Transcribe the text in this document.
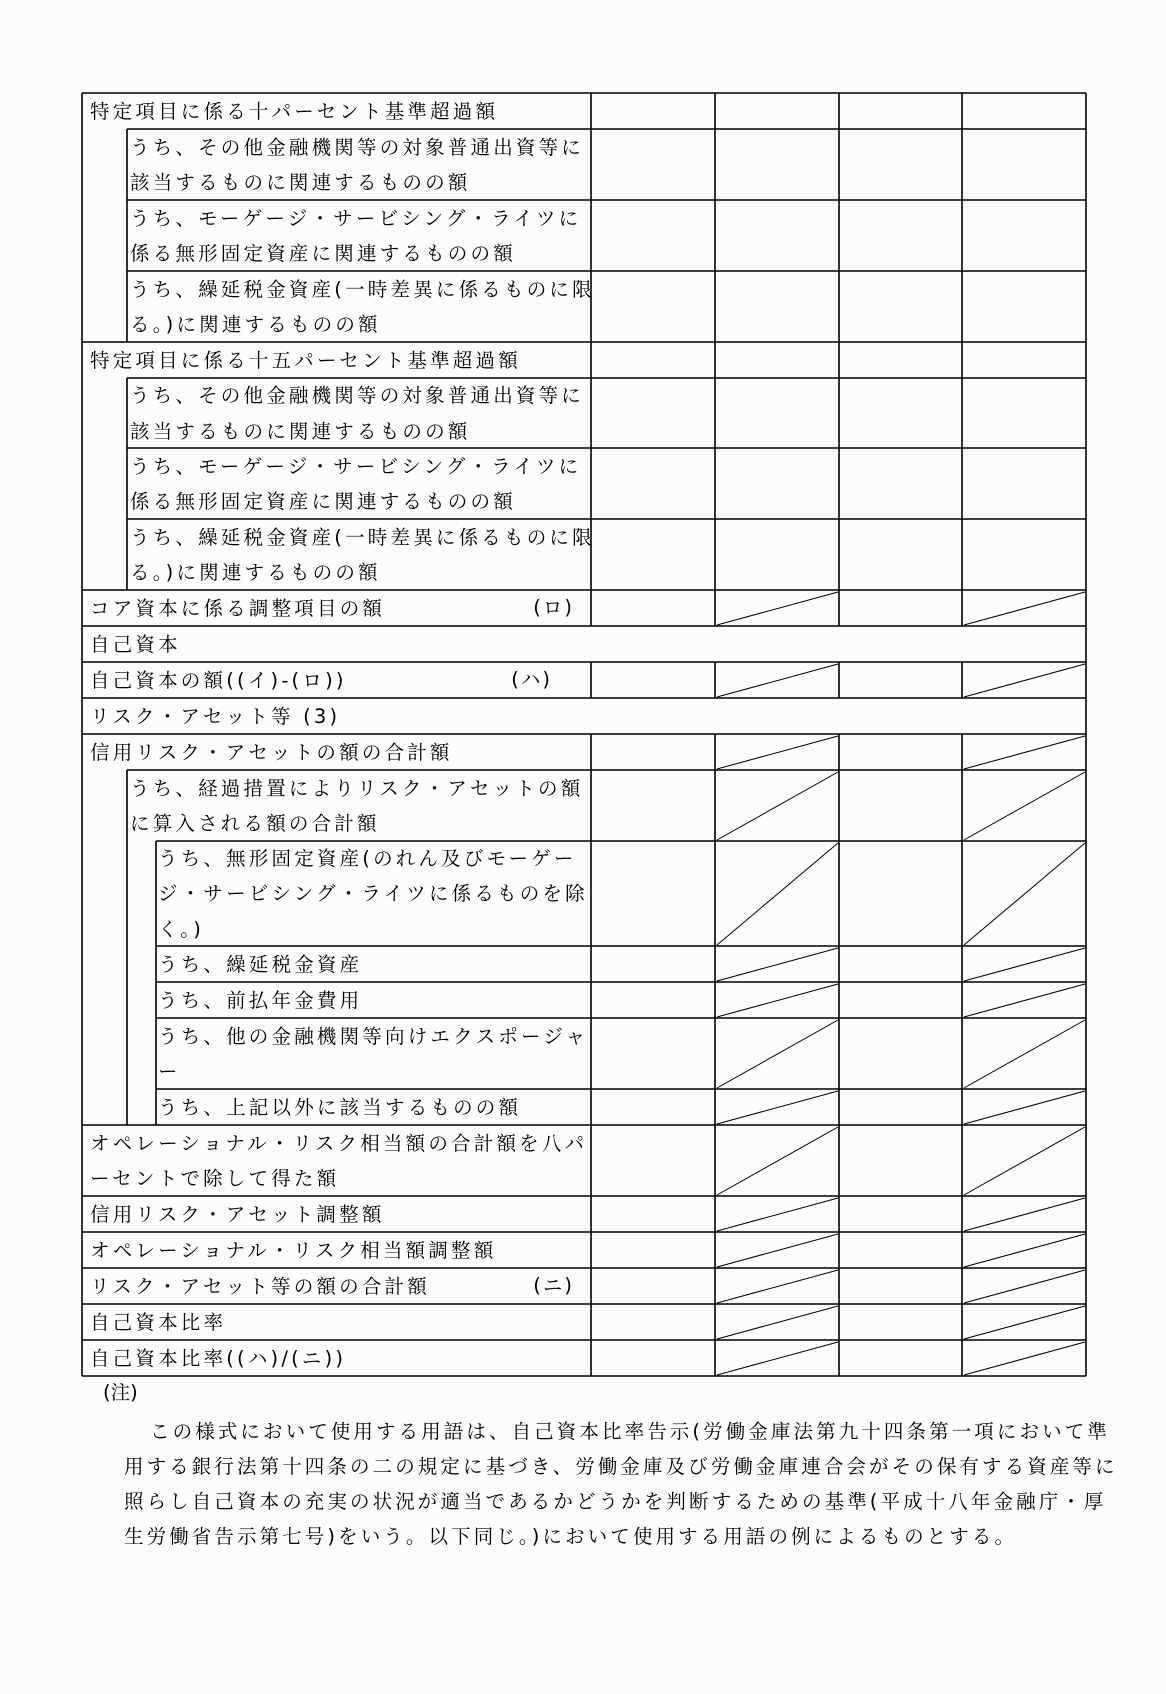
特定項目に係る十パーセント基準超過額
うち、その他金融機関等の対象普通出資等に
該当するものに関連するものの額
うち、モーゲージ・サービシング・ライツに
係る無形固定資産に関連するものの額
うち、繰延税金資産(一時差異に係るものに限
る。)に関連するものの額
特定項目に係る十五パーセント基準超過額
うち、その他金融機関等の対象普通出資等に
該当するものに関連するものの額
うち、モーゲージ・サービシング・ライツに
係る無形固定資産に関連するものの額
うち、繰延税金資産(一時差異に係るものに限
る。)に関連するものの額
コア資本に係る調整項目の額	(ロ)
自己資本
自己資本の額((イ)-(ロ))	(ハ)
リスク・アセット等 (3)
信用リスク・アセットの額の合計額
うち、経過措置によりリスク・アセットの額
に算入される額の合計額
うち、無形固定資産(のれん及びモーゲー
ジ・サービシング・ライツに係るものを除
く。)
うち、繰延税金資産
うち、前払年金費用
うち、他の金融機関等向けエクスポージャ
ー
うち、上記以外に該当するものの額
オペレーショナル・リスク相当額の合計額を八パ
ーセントで除して得た額
信用リスク・アセット調整額
オペレーショナル・リスク相当額調整額
リスク・アセット等の額の合計額	(ニ)
自己資本比率
自己資本比率((ハ)/(ニ))
(注)
この様式において使用する用語は、自己資本比率告示(労働金庫法第九十四条第一項において準
用する銀行法第十四条の二の規定に基づき、労働金庫及び労働金庫連合会がその保有する資産等に
照らし自己資本の充実の状況が適当であるかどうかを判断するための基準(平成十八年金融庁・厚
生労働省告示第七号)をいう。以下同じ。)において使用する用語の例によるものとする。
